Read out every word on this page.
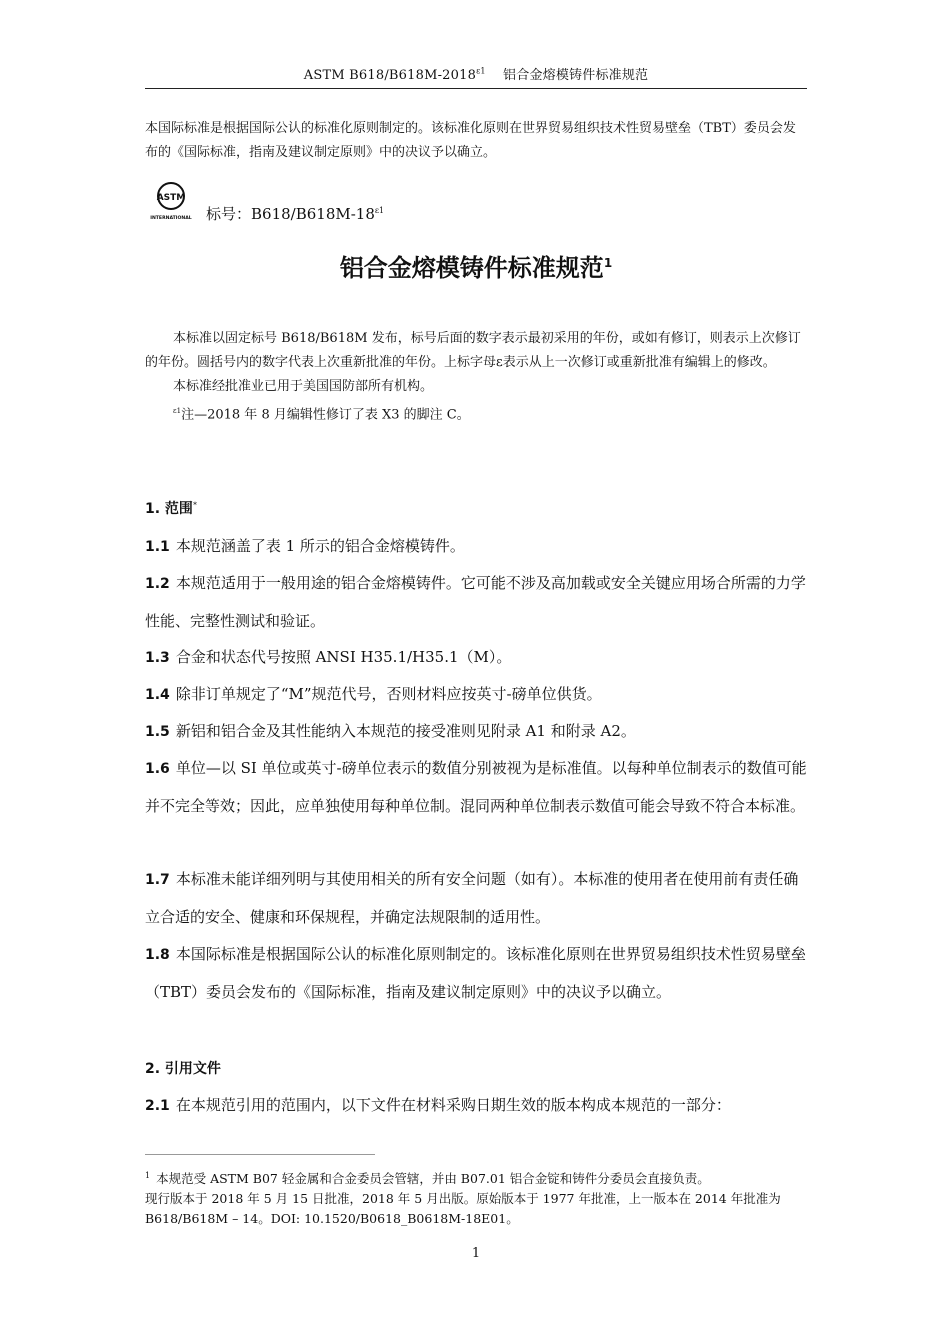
ASTM $B618/B618M-2018^{\varepsilon 1}$ 铝合金熔模铸件标准规范
本国际标准是根据国际公认的标准化原则制定的。该标准化原则在世界贸易组织技术性贸易壁垒（TBT）委员会发布的《国际标准，指南及建议制定原则》中的决议予以确立。
ASTM
INTERNATIONAL 标号：$B618/B618M-18^{\varepsilon 1}$
铝合金熔模铸件标准规范$^1$

本标准以固定标号 B618/B618M 发布，标号后面的数字表示最初采用的年份，或如有修订，则表示上次修订的年份。圆括号内的数字代表上次重新批准的年份。上标字母ε表示从上一次修订或重新批准有编辑上的修改。

本标准经批准业已用于美国国防部所有机构。

$^{\varepsilon 1}$注—2018 年 8 月编辑性修订了表 X3 的脚注 C。

1. 范围*
1.1 本规范涵盖了表 1 所示的铝合金熔模铸件。
1.2 本规范适用于一般用途的铝合金熔模铸件。它可能不涉及高加载或安全关键应用场合所需的力学性能、完整性测试和验证。
1.3 合金和状态代号按照 ANSI H35.1/H35.1（M）。
1.4 除非订单规定了“M”规范代号，否则材料应按英寸-磅单位供货。
1.5 新铝和铝合金及其性能纳入本规范的接受准则见附录 A1 和附录 A2。
1.6 单位—以 SI 单位或英寸-磅单位表示的数值分别被视为是标准值。以每种单位制表示的数值可能并不完全等效；因此，应单独使用每种单位制。混同两种单位制表示数值可能会导致不符合本标准。
1.7 本标准未能详细列明与其使用相关的所有安全问题（如有）。本标准的使用者在使用前有责任确立合适的安全、健康和环保规程，并确定法规限制的适用性。
1.8 本国际标准是根据国际公认的标准化原则制定的。该标准化原则在世界贸易组织技术性贸易壁垒（TBT）委员会发布的《国际标准，指南及建议制定原则》中的决议予以确立。
2. 引用文件
2.1 在本规范引用的范围内，以下文件在材料采购日期生效的版本构成本规范的一部分：

$^1$ 本规范受 ASTM B07 轻金属和合金委员会管辖，并由 B07.01 铝合金锭和铸件分委员会直接负责。

现行版本于 2018 年 5 月 15 日批准，2018 年 5 月出版。原始版本于 1977 年批准，上一版本在 2014 年批准为 B618/B618M – 14。DOI: 10.1520/B0618_B0618M-18E01。

1
